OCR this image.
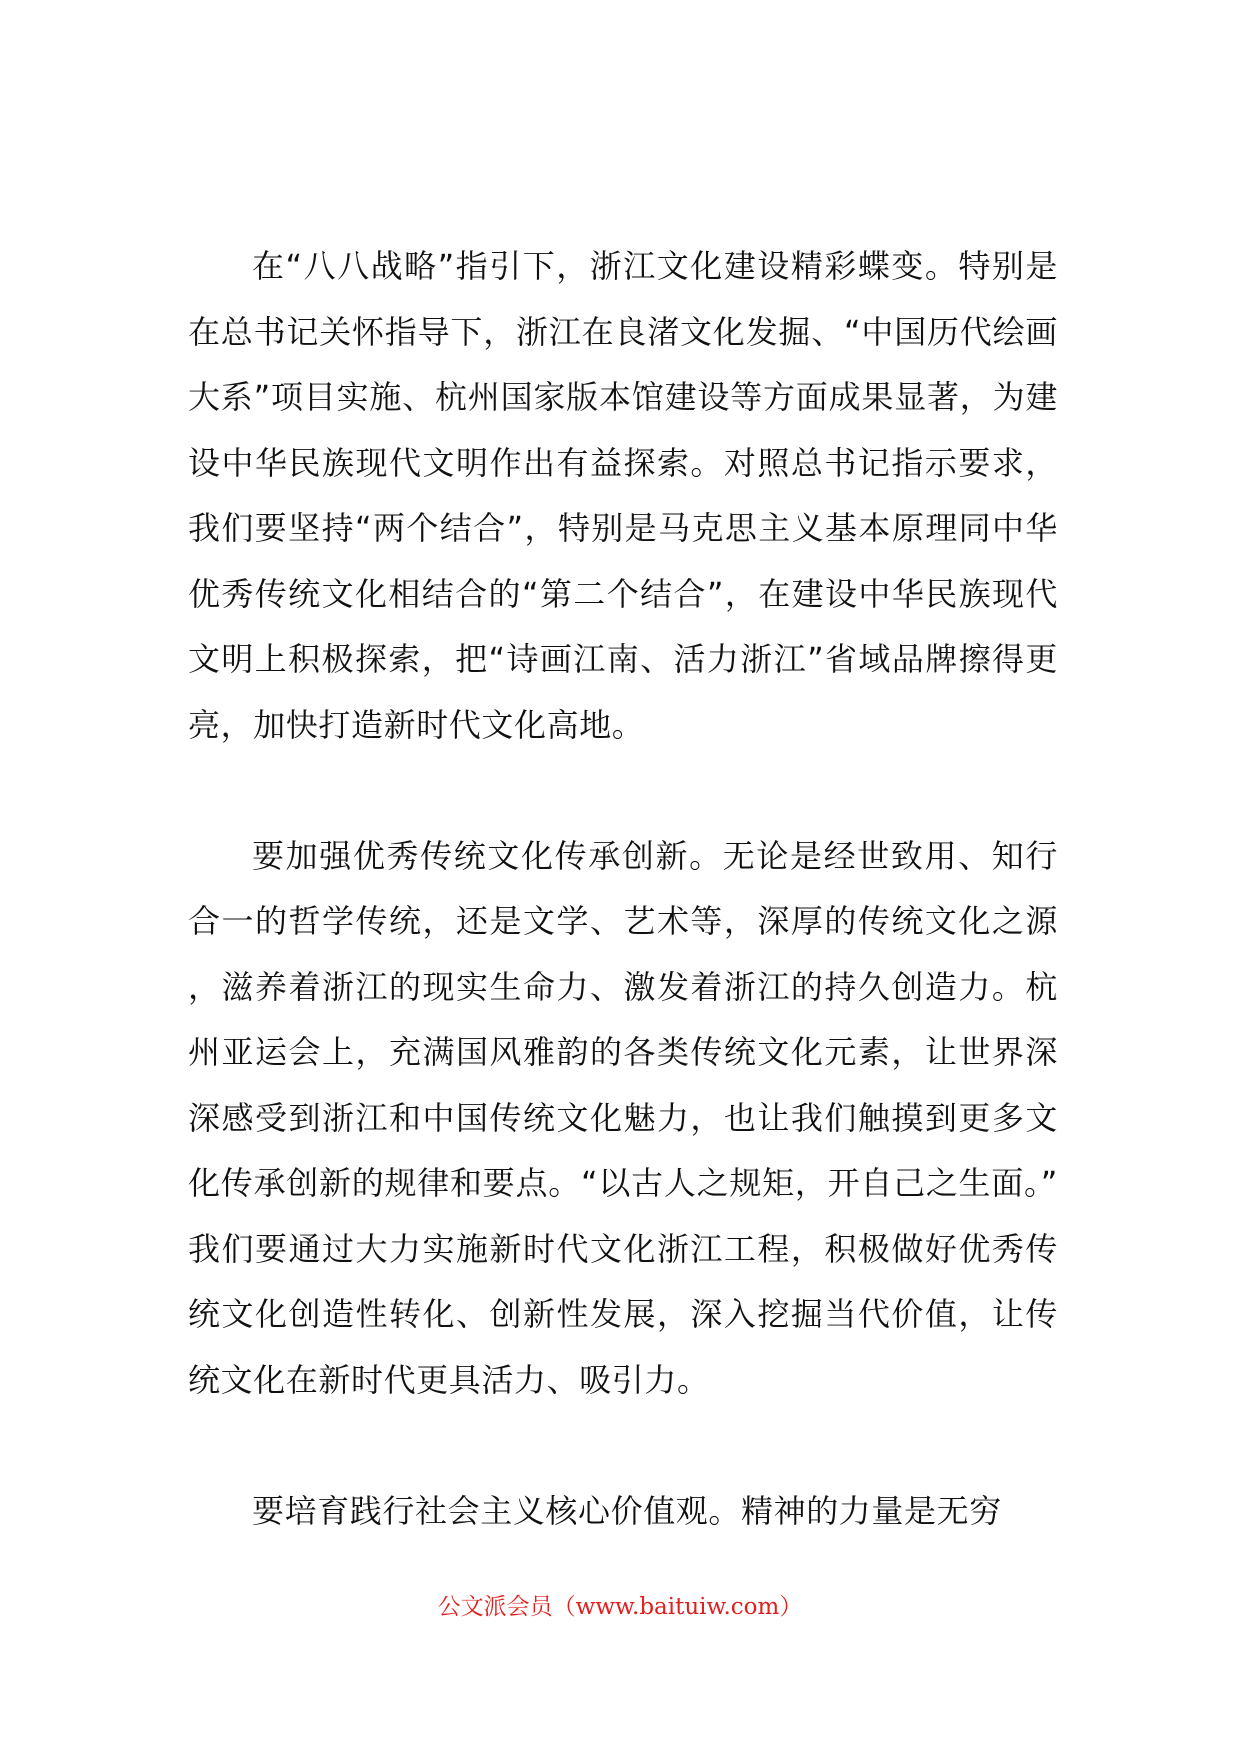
在“八八战略”指引下，浙江文化建设精彩蝶变。特别是在总书记关怀指导下，浙江在良渚文化发掘、“中国历代绘画大系”项目实施、杭州国家版本馆建设等方面成果显著，为建设中华民族现代文明作出有益探索。对照总书记指示要求，我们要坚持“两个结合”，特别是马克思主义基本原理同中华优秀传统文化相结合的“第二个结合”，在建设中华民族现代文明上积极探索，把“诗画江南、活力浙江”省域品牌擦得更亮，加快打造新时代文化高地。

要加强优秀传统文化传承创新。无论是经世致用、知行合一的哲学传统，还是文学、艺术等，深厚的传统文化之源，滋养着浙江的现实生命力、激发着浙江的持久创造力。杭州亚运会上，充满国风雅韵的各类传统文化元素，让世界深深感受到浙江和中国传统文化魅力，也让我们触摸到更多文化传承创新的规律和要点。“以古人之规矩，开自己之生面。”我们要通过大力实施新时代文化浙江工程，积极做好优秀传统文化创造性转化、创新性发展，深入挖掘当代价值，让传统文化在新时代更具活力、吸引力。

要培育践行社会主义核心价值观。精神的力量是无穷

公文派会员（www.baituiw.com）
